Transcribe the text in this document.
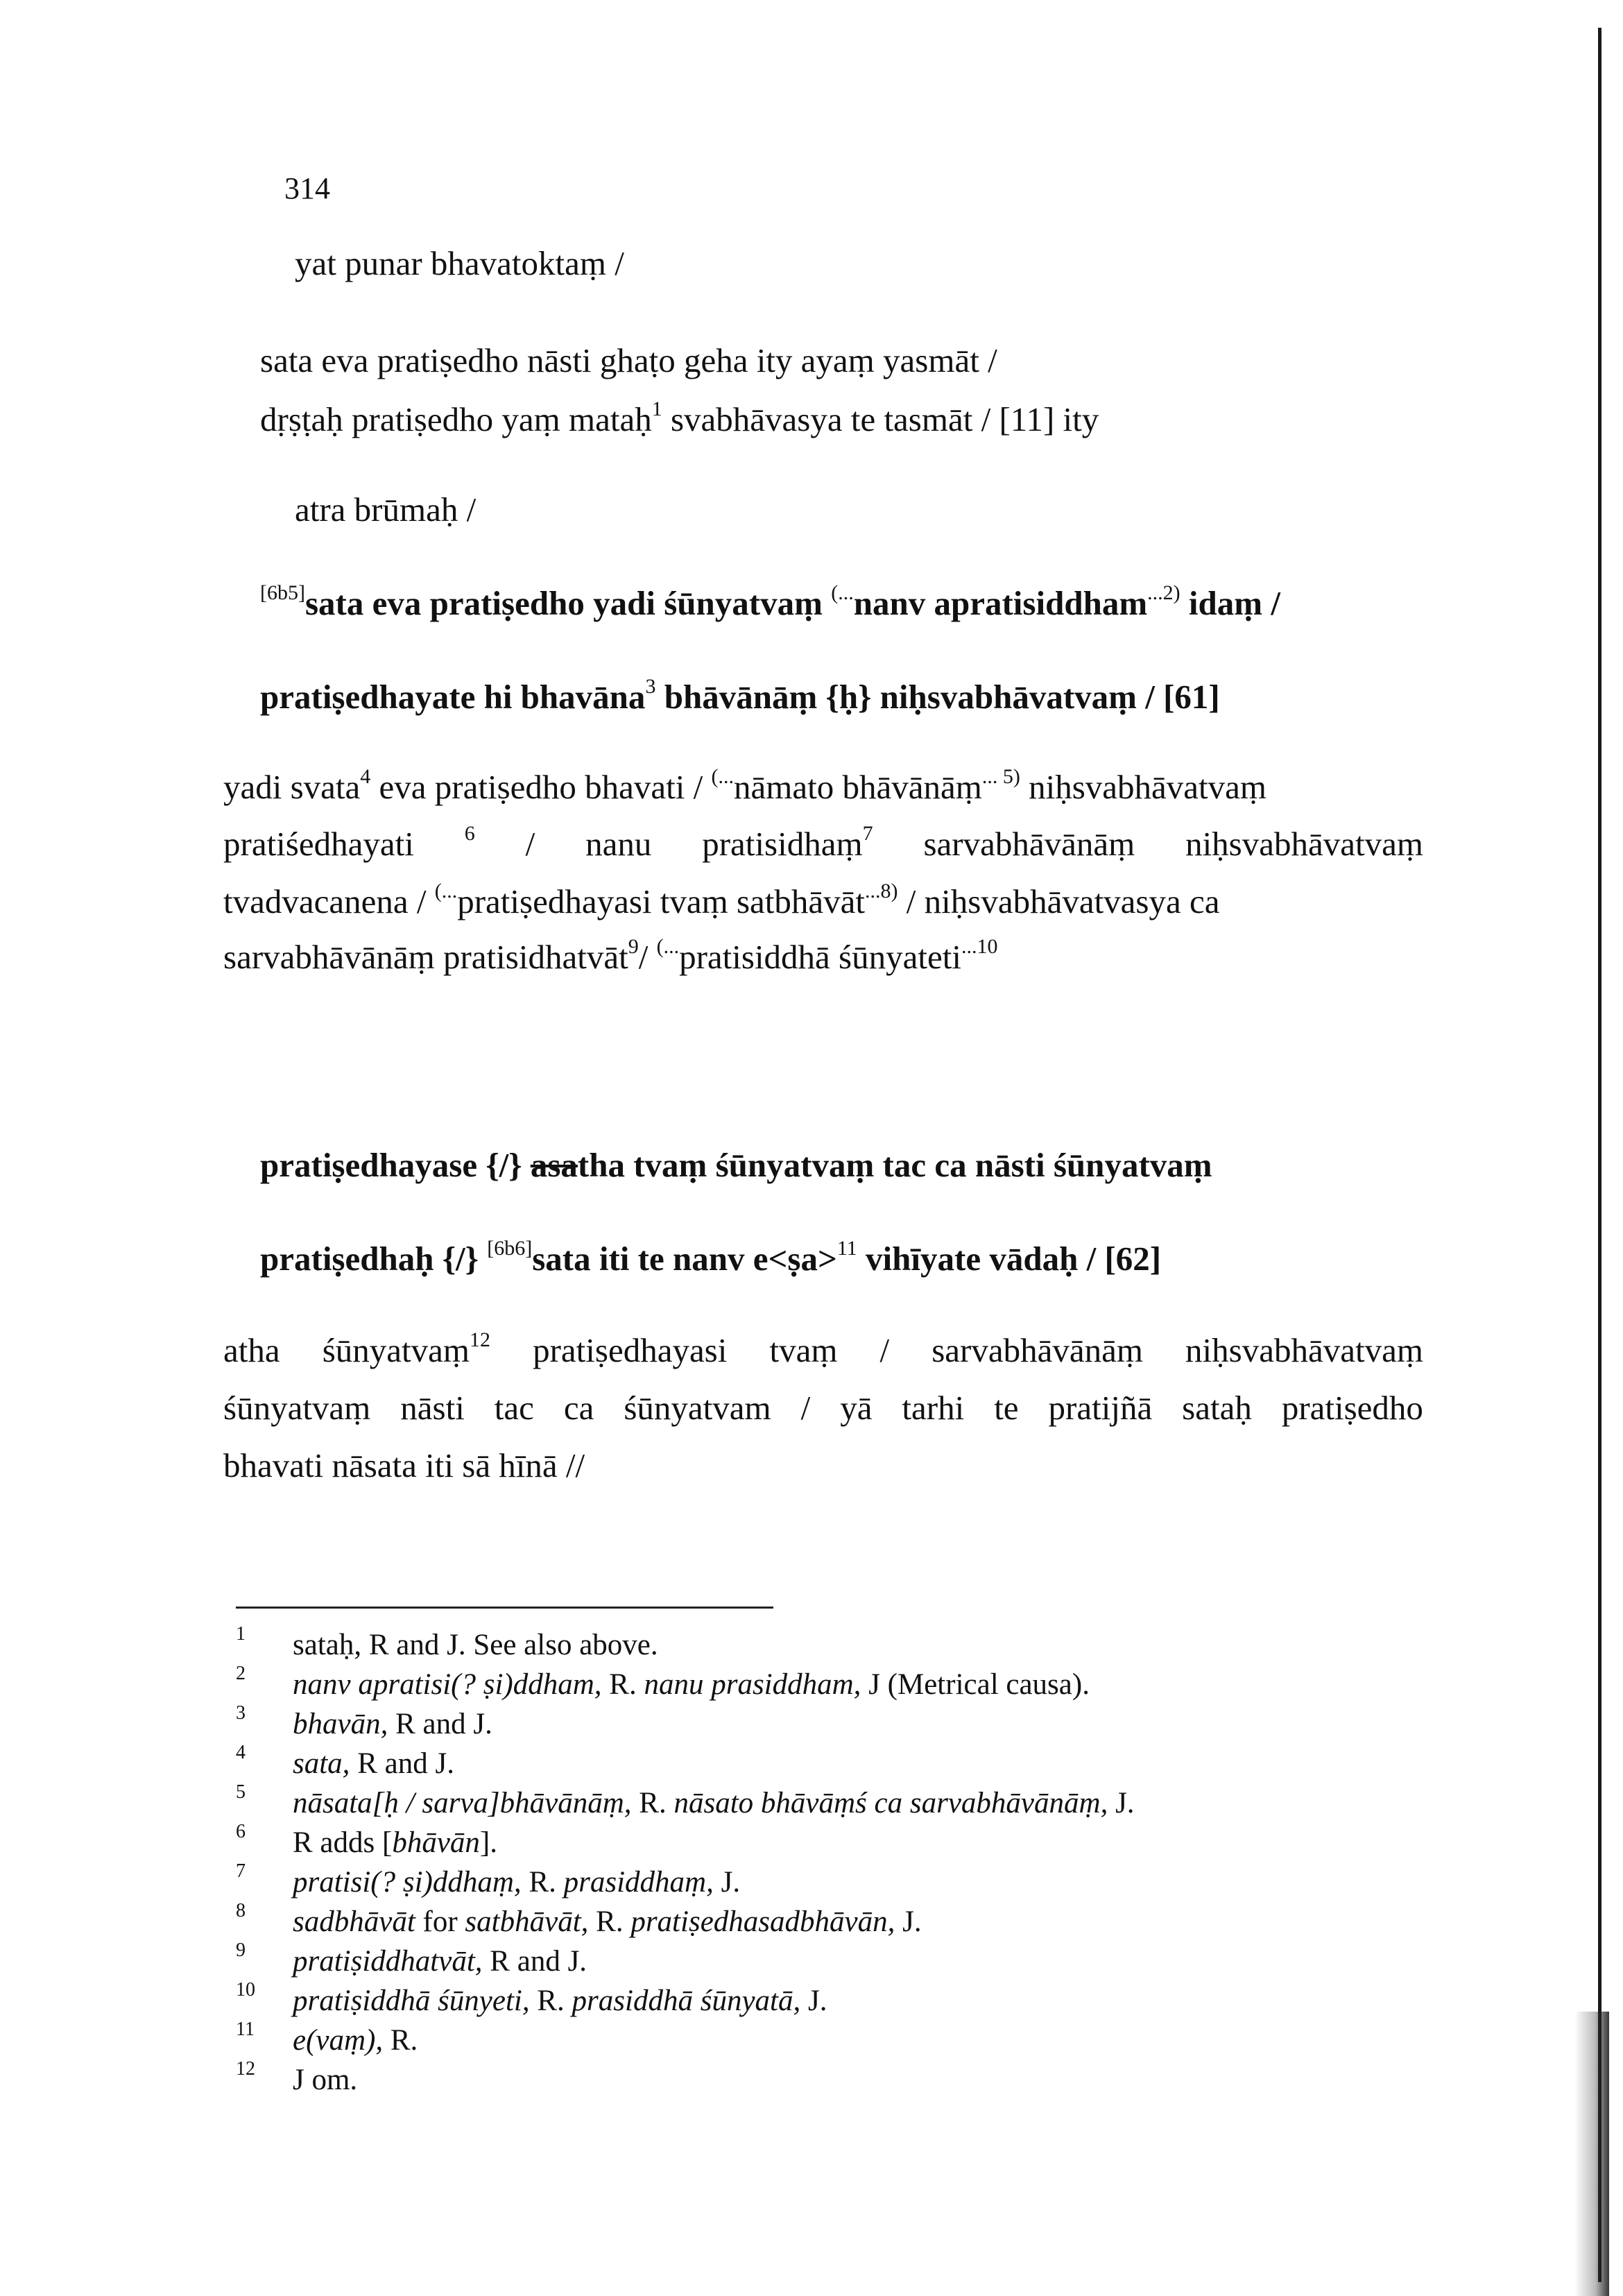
314
yat punar bhavatoktaṃ /
sata eva pratiṣedho nāsti ghaṭo geha ity ayaṃ yasmāt /
dṛṣṭaḥ pratiṣedho yaṃ mataḥ$^1$ svabhāvasya te tasmāt / [11] ity
atra brūmaḥ /
[6b5]sata eva pratiṣedho yadi śūnyatvaṃ (...nanv apratisiddham$^{...2)}$ idaṃ /
pratiṣedhayate hi bhavāna$^3$ bhāvānāṃ {ḥ} niḥsvabhāvatvaṃ / [61]
yadi svata$^4$ eva pratiṣedho bhavati / (...nāmato bhāvānāṃ$^{... 5)}$ niḥsvabhāvatvaṃ
pratiśedhayati $^6$ / nanu pratisidhaṃ$^7$ sarvabhāvānāṃ niḥsvabhāvatvaṃ
tvadvacanena / (...pratiṣedhayasi tvaṃ satbhāvāt$^{...8)}$ / niḥsvabhāvatvasya ca
sarvabhāvānāṃ pratisidhatvāt$^9$/ (...pratisiddhā śūnyateti$^{...10}$
pratiṣedhayase {/} asatha tvaṃ śūnyatvaṃ tac ca nāsti śūnyatvaṃ
pratiṣedhaḥ {/} [6b6]sata iti te nanv e<ṣa>$^{11}$ vihīyate vādaḥ / [62]
atha śūnyatvaṃ$^{12}$ pratiṣedhayasi tvaṃ / sarvabhāvānāṃ niḥsvabhāvatvaṃ
śūnyatvaṃ nāsti tac ca śūnyatvam / yā tarhi te pratijñā sataḥ pratiṣedho
bhavati nāsata iti sā hīnā //
1 sataḥ, R and J. See also above.
2 nanv apratisi(? ṣi)ddham, R. nanu prasiddham, J (Metrical causa).
3 bhavān, R and J.
4 sata, R and J.
5 nāsata[ḥ / sarva]bhāvānāṃ, R. nāsato bhāvāṃś ca sarvabhāvānāṃ, J.
6 R adds [bhāvān].
7 pratisi(? ṣi)ddhaṃ, R. prasiddhaṃ, J.
8 sadbhāvāt for satbhāvāt, R. pratiṣedhasadbhāvān, J.
9 pratiṣiddhatvāt, R and J.
10 pratiṣiddhā śūnyeti, R. prasiddhā śūnyatā, J.
11 e(vaṃ), R.
12 J om.
